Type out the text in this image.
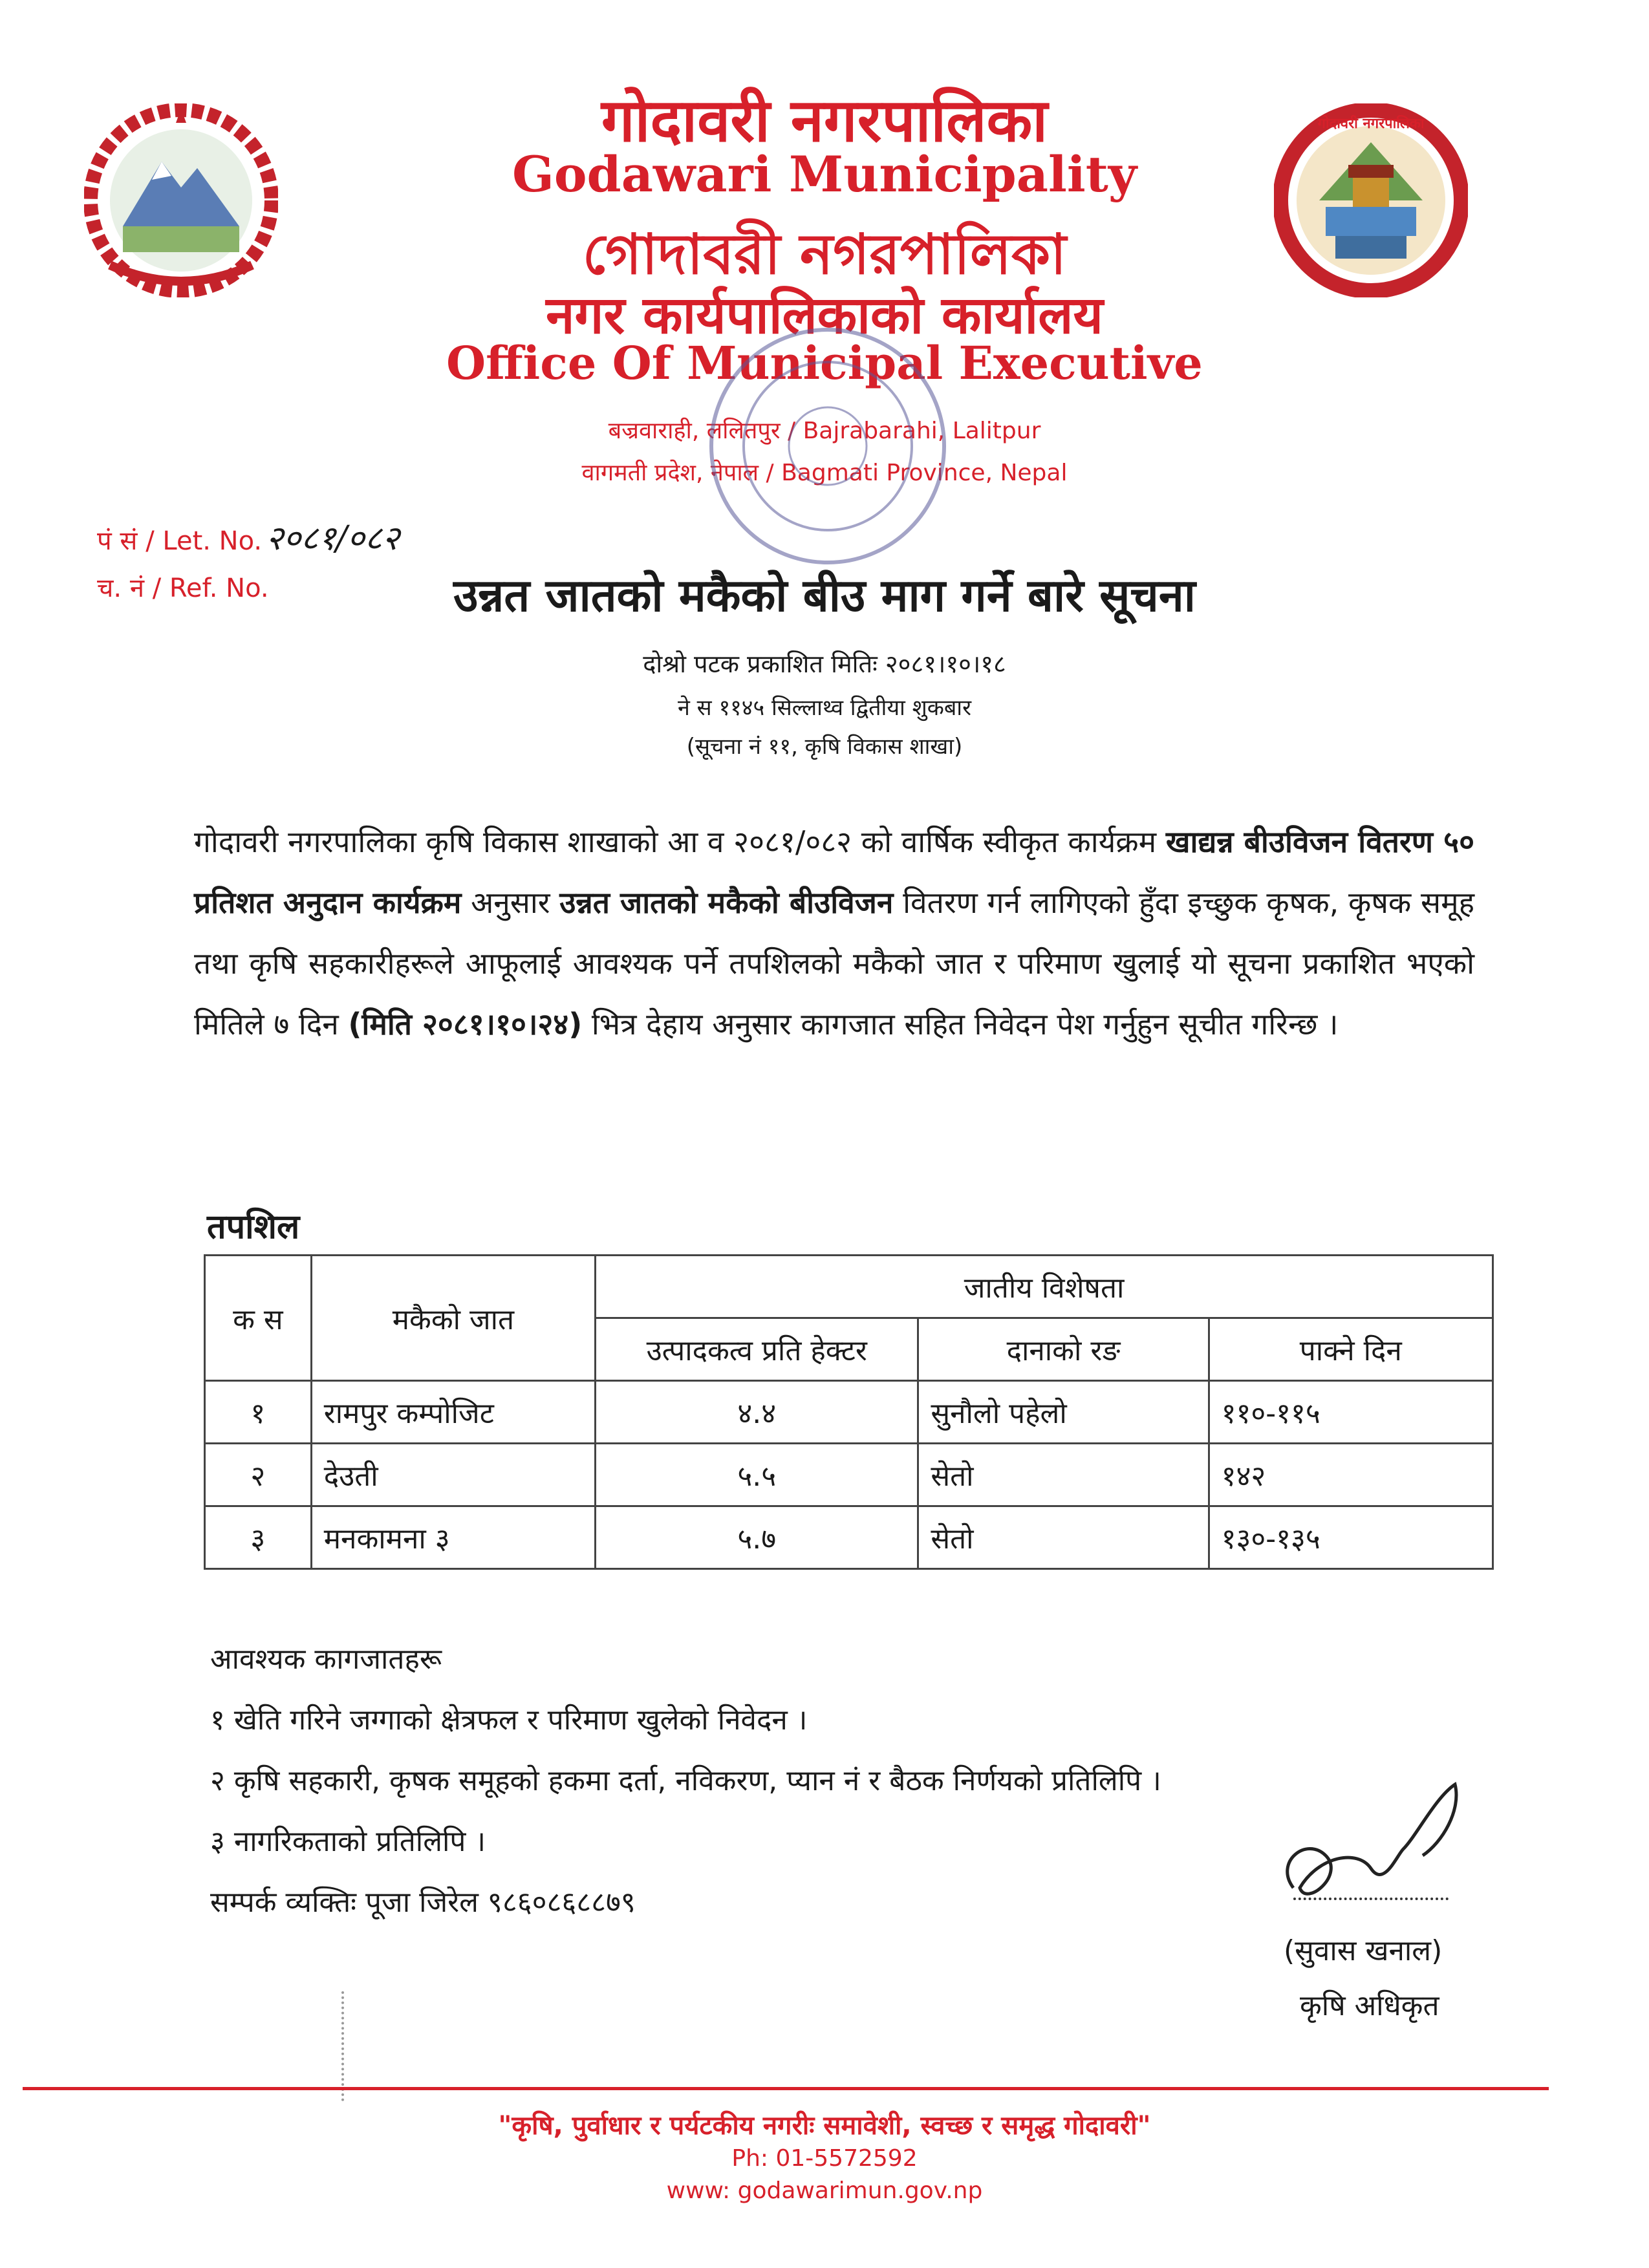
गोदावरी नगरपालिका
गोदावरी नगरपालिका
Godawari Municipality
গোদাবরী নগরপালিকা
नगर कार्यपालिकाको कार्यालय
Office Of Municipal Executive
बज्रवाराही, ललितपुर / Bajrabarahi, Lalitpur
वागमती प्रदेश, नेपाल / Bagmati Province, Nepal
पं सं / Let. No. २०८१/०८२
च. नं / Ref. No.	उन्नत जातको मकैको बीउ माग गर्ने बारे सूचना
दोश्रो पटक प्रकाशित मितिः २०८१।१०।१८
ने स ११४५ सिल्लाथ्व द्वितीया शुकबार
(सूचना नं ११, कृषि विकास शाखा)
गोदावरी नगरपालिका कृषि विकास शाखाको आ व २०८१/०८२ को वार्षिक स्वीकृत कार्यक्रम खाद्यन्न बीउविजन वितरण ५० प्रतिशत अनुदान कार्यक्रम अनुसार उन्नत जातको मकैको बीउविजन वितरण गर्न लागिएको हुँदा इच्छुक कृषक, कृषक समूह तथा कृषि सहकारीहरूले आफूलाई आवश्यक पर्ने तपशिलको मकैको जात र परिमाण खुलाई यो सूचना प्रकाशित भएको मितिले ७ दिन (मिति २०८१।१०।२४) भित्र देहाय अनुसार कागजात सहित निवेदन पेश गर्नुहुन सूचीत गरिन्छ ।
तपशिल
क स	मकैको जात	जातीय विशेषता		
		उत्पादकत्व प्रति हेक्टर	दानाको रङ	पाक्ने दिन
१	रामपुर कम्पोजिट	४.४	सुनौलो पहेलो	११०-११५
२	देउती	५.५	सेतो	१४२
३	मनकामना ३	५.७	सेतो	१३०-१३५
आवश्यक कागजातहरू
१ खेति गरिने जग्गाको क्षेत्रफल र परिमाण खुलेको निवेदन ।
२ कृषि सहकारी, कृषक समूहको हकमा दर्ता, नविकरण, प्यान नं र बैठक निर्णयको प्रतिलिपि ।
३ नागरिकताको प्रतिलिपि ।
सम्पर्क व्यक्तिः पूजा जिरेल ९८६०८६८८७९
(सुवास खनाल)
कृषि अधिकृत
"कृषि, पुर्वाधार र पर्यटकीय नगरीः समावेशी, स्वच्छ र समृद्ध गोदावरी"
Ph: 01-5572592
www: godawarimun.gov.np
